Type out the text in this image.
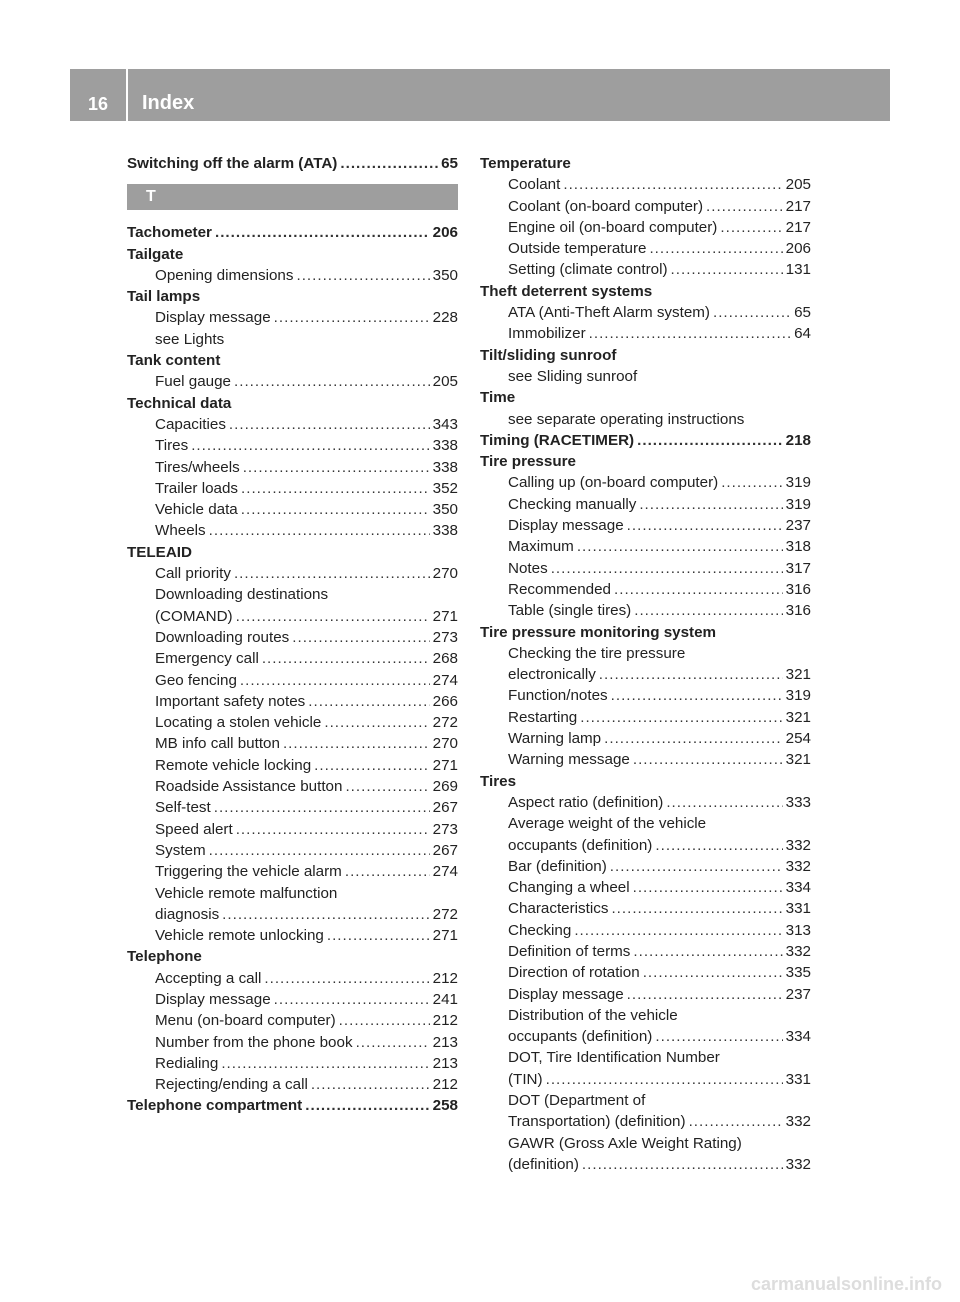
16	Index
Switching off the alarm (ATA) .....	65
T
Tachometer .....	206
Tailgate
Opening dimensions .....	350
Tail lamps
Display message .....	228
see Lights
Tank content
Fuel gauge .....	205
Technical data
Capacities .....	343
Tires .....	338
Tires/wheels .....	338
Trailer loads .....	352
Vehicle data .....	350
Wheels .....	338
TELEAID
Call priority .....	270
Downloading destinations
(COMAND) .....	271
Downloading routes .....	273
Emergency call .....	268
Geo fencing .....	274
Important safety notes .....	266
Locating a stolen vehicle .....	272
MB info call button .....	270
Remote vehicle locking .....	271
Roadside Assistance button .....	269
Self-test .....	267
Speed alert .....	273
System .....	267
Triggering the vehicle alarm .....	274
Vehicle remote malfunction
diagnosis .....	272
Vehicle remote unlocking .....	271
Telephone
Accepting a call .....	212
Display message .....	241
Menu (on-board computer) .....	212
Number from the phone book .....	213
Redialing .....	213
Rejecting/ending a call .....	212
Telephone compartment .....	258
Temperature
Coolant .....	205
Coolant (on-board computer) .....	217
Engine oil (on-board computer) .....	217
Outside temperature .....	206
Setting (climate control) .....	131
Theft deterrent systems
ATA (Anti-Theft Alarm system) .....	65
Immobilizer .....	64
Tilt/sliding sunroof
see Sliding sunroof
Time
see separate operating instructions
Timing (RACETIMER) .....	218
Tire pressure
Calling up (on-board computer) .....	319
Checking manually .....	319
Display message .....	237
Maximum .....	318
Notes .....	317
Recommended .....	316
Table (single tires) .....	316
Tire pressure monitoring system
Checking the tire pressure
electronically .....	321
Function/notes .....	319
Restarting .....	321
Warning lamp .....	254
Warning message .....	321
Tires
Aspect ratio (definition) .....	333
Average weight of the vehicle
occupants (definition) .....	332
Bar (definition) .....	332
Changing a wheel .....	334
Characteristics .....	331
Checking .....	313
Definition of terms .....	332
Direction of rotation .....	335
Display message .....	237
Distribution of the vehicle
occupants (definition) .....	334
DOT, Tire Identification Number
(TIN) .....	331
DOT (Department of
Transportation) (definition) .....	332
GAWR (Gross Axle Weight Rating)
(definition) .....	332
carmanualsonline.info
